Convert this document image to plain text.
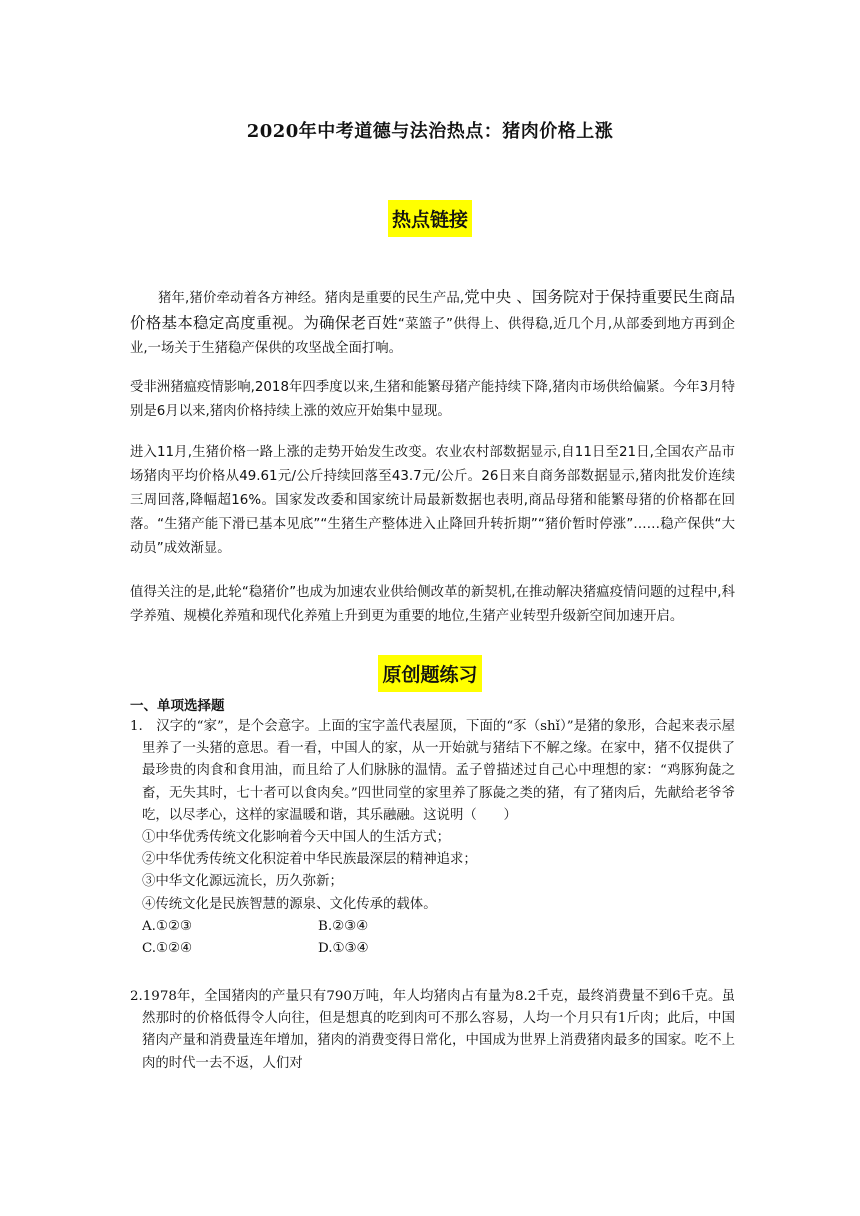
2020年中考道德与法治热点：猪肉价格上涨
热点链接
猪年,猪价牵动着各方神经。猪肉是重要的民生产品,党中央 、国务院对于保持重要民生商品价格基本稳定高度重视。为确保老百姓“菜篮子”供得上、供得稳,近几个月,从部委到地方再到企业,一场关于生猪稳产保供的攻坚战全面打响。
受非洲猪瘟疫情影响,2018年四季度以来,生猪和能繁母猪产能持续下降,猪肉市场供给偏紧。今年3月特别是6月以来,猪肉价格持续上涨的效应开始集中显现。
进入11月,生猪价格一路上涨的走势开始发生改变。农业农村部数据显示,自11日至21日,全国农产品市场猪肉平均价格从49.61元/公斤持续回落至43.7元/公斤。26日来自商务部数据显示,猪肉批发价连续三周回落,降幅超16%。国家发改委和国家统计局最新数据也表明,商品母猪和能繁母猪的价格都在回落。“生猪产能下滑已基本见底”“生猪生产整体进入止降回升转折期”“猪价暂时停涨”……稳产保供“大动员”成效渐显。
值得关注的是,此轮“稳猪价”也成为加速农业供给侧改革的新契机,在推动解决猪瘟疫情问题的过程中,科学养殖、规模化养殖和现代化养殖上升到更为重要的地位,生猪产业转型升级新空间加速开启。
原创题练习
一、单项选择题
1.　汉字的“家”，是个会意字。上面的宝字盖代表屋顶，下面的“豕（shǐ）”是猪的象形，合起来表示屋里养了一头猪的意思。看一看，中国人的家，从一开始就与猪结下不解之缘。在家中，猪不仅提供了最珍贵的肉食和食用油，而且给了人们脉脉的温情。孟子曾描述过自己心中理想的家：“鸡豚狗彘之畜，无失其时，七十者可以食肉矣。”四世同堂的家里养了豚彘之类的猪，有了猪肉后，先献给老爷爷吃，以尽孝心，这样的家温暖和谐，其乐融融。这说明（　　）
①中华优秀传统文化影响着今天中国人的生活方式；
②中华优秀传统文化积淀着中华民族最深层的精神追求；
③中华文化源远流长，历久弥新；
④传统文化是民族智慧的源泉、文化传承的载体。
A.①②③	B.②③④
C.①②④	D.①③④
2.1978年，全国猪肉的产量只有790万吨，年人均猪肉占有量为8.2千克，最终消费量不到6千克。虽然那时的价格低得令人向往，但是想真的吃到肉可不那么容易，人均一个月只有1斤肉；此后，中国猪肉产量和消费量连年增加，猪肉的消费变得日常化，中国成为世界上消费猪肉最多的国家。吃不上肉的时代一去不返，人们对
